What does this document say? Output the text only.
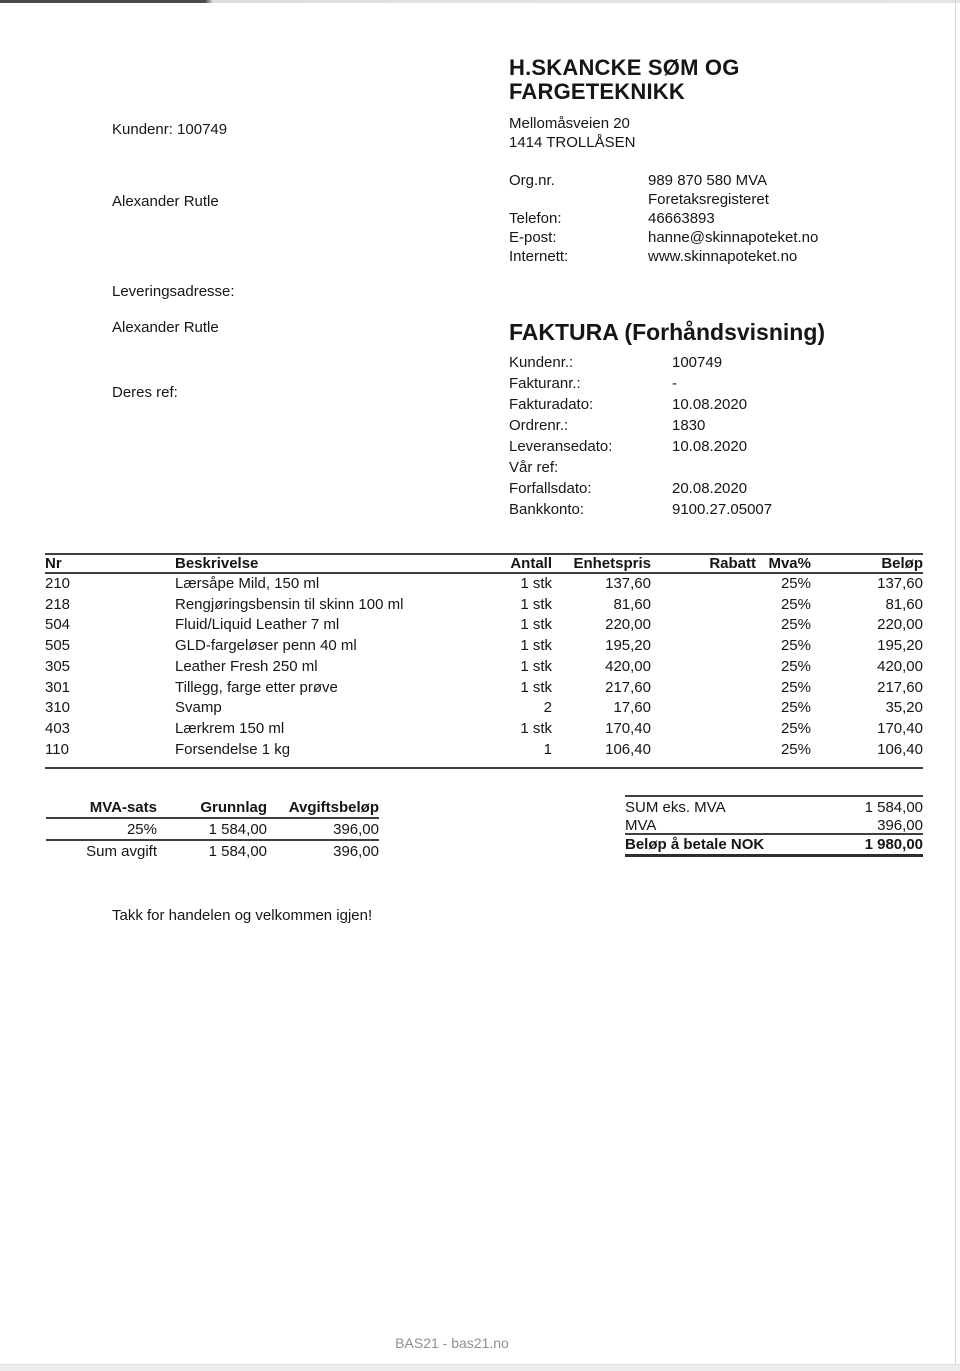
Kundenr: 100749
Alexander Rutle
Leveringsadresse:
Alexander Rutle
Deres ref:
H.SKANCKE SØM OG
FARGETEKNIKK
Mellomåsveien 20
1414 TROLLÅSEN
Org.nr.	989 870 580 MVA
Foretaksregisteret
Telefon:	46663893
E-post:	hanne@skinnapoteket.no
Internett:	www.skinnapoteket.no
FAKTURA (Forhåndsvisning)
Kundenr.:	100749
Fakturanr.:	-
Fakturadato:	10.08.2020
Ordrenr.:	1830
Leveransedato:	10.08.2020
Vår ref:
Forfallsdato:	20.08.2020
Bankkonto:	9100.27.05007
Nr	Beskrivelse	Antall	Enhetspris	Rabatt	Mva%	Beløp
210	Lærsåpe Mild, 150 ml	1 stk	137,60		25%	137,60
218	Rengjøringsbensin til skinn 100 ml	1 stk	81,60		25%	81,60
504	Fluid/Liquid Leather 7 ml	1 stk	220,00		25%	220,00
505	GLD-fargeløser penn 40 ml	1 stk	195,20		25%	195,20
305	Leather Fresh 250 ml	1 stk	420,00		25%	420,00
301	Tillegg, farge etter prøve	1 stk	217,60		25%	217,60
310	Svamp	2	17,60		25%	35,20
403	Lærkrem 150 ml	1 stk	170,40		25%	170,40
110	Forsendelse 1 kg	1	106,40		25%	106,40
MVA-sats	Grunnlag	Avgiftsbeløp
25%	1 584,00	396,00
Sum avgift	1 584,00	396,00
SUM eks. MVA	1 584,00
MVA	396,00
Beløp å betale NOK	1 980,00
Takk for handelen og velkommen igjen!
BAS21 - bas21.no
